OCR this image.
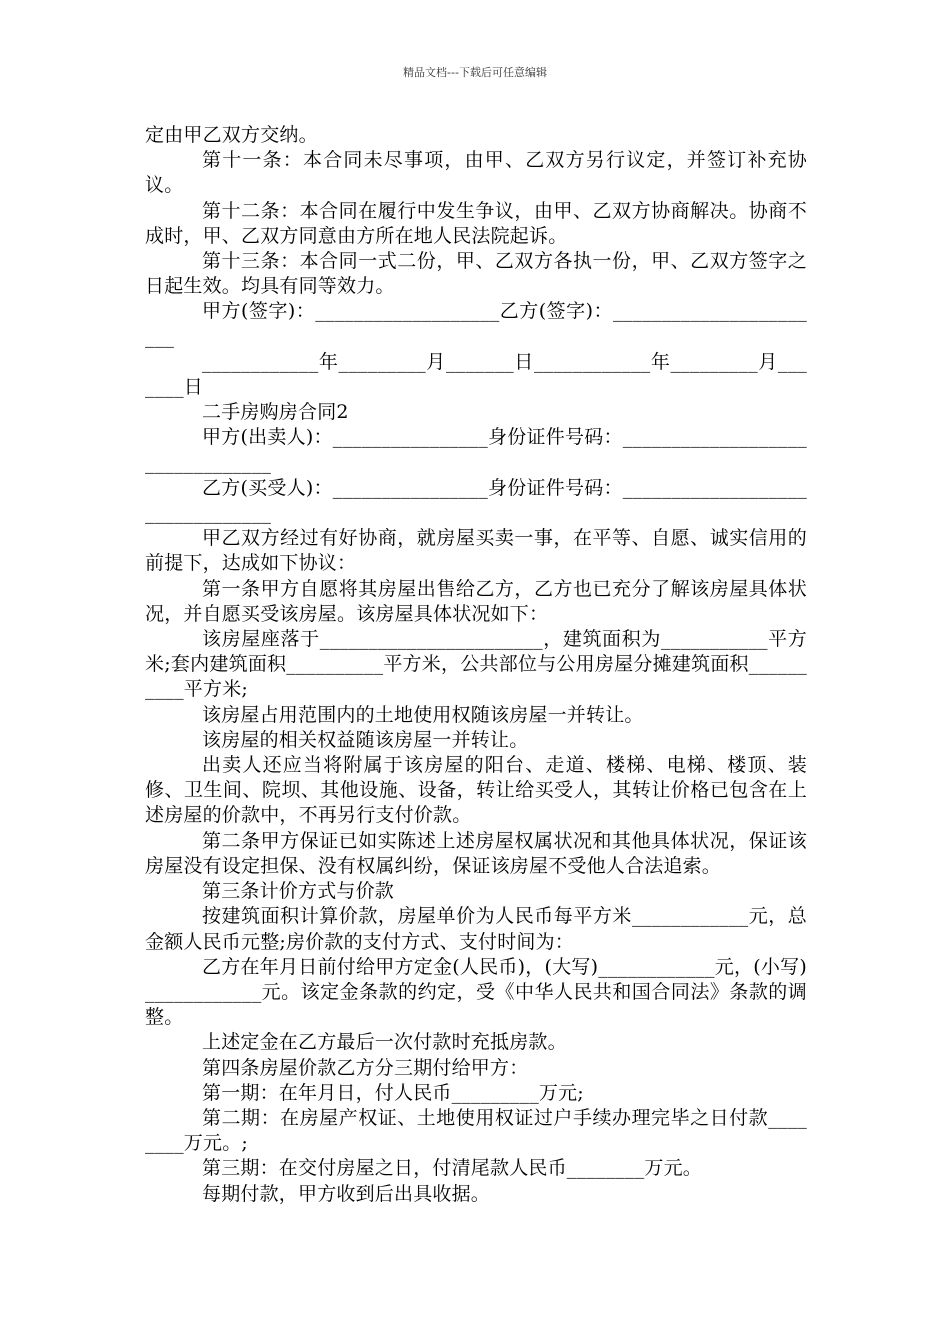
精品文档---下载后可任意编辑

定由甲乙双方交纳。

第十一条：本合同未尽事项，由甲、乙双方另行议定，并签订补充协议。

第十二条：本合同在履行中发生争议，由甲、乙双方协商解决。协商不成时，甲、乙双方同意由方所在地人民法院起诉。

第十三条：本合同一式二份，甲、乙双方各执一份，甲、乙双方签字之日起生效。均具有同等效力。

甲方(签字)：___________________乙方(签字)：_______________________

____________年_________月_______日____________年_________月_______日

二手房购房合同2

甲方(出卖人)：________________身份证件号码：________________________________

乙方(买受人)：________________身份证件号码：________________________________

甲乙双方经过有好协商，就房屋买卖一事，在平等、自愿、诚实信用的前提下，达成如下协议：

第一条甲方自愿将其房屋出售给乙方，乙方也已充分了解该房屋具体状况，并自愿买受该房屋。该房屋具体状况如下：

该房屋座落于_______________________，建筑面积为___________平方米;套内建筑面积__________平方米，公共部位与公用房屋分摊建筑面积__________平方米;

该房屋占用范围内的土地使用权随该房屋一并转让。

该房屋的相关权益随该房屋一并转让。

出卖人还应当将附属于该房屋的阳台、走道、楼梯、电梯、楼顶、装修、卫生间、院坝、其他设施、设备，转让给买受人，其转让价格已包含在上述房屋的价款中，不再另行支付价款。

第二条甲方保证已如实陈述上述房屋权属状况和其他具体状况，保证该房屋没有设定担保、没有权属纠纷，保证该房屋不受他人合法追索。

第三条计价方式与价款

按建筑面积计算价款，房屋单价为人民币每平方米____________元，总金额人民币元整;房价款的支付方式、支付时间为：

乙方在年月日前付给甲方定金(人民币)，(大写)____________元，(小写)____________元。该定金条款的约定，受《中华人民共和国合同法》条款的调整。

上述定金在乙方最后一次付款时充抵房款。

第四条房屋价款乙方分三期付给甲方：

第一期：在年月日，付人民币_________万元;

第二期：在房屋产权证、土地使用权证过户手续办理完毕之日付款________万元。;

第三期：在交付房屋之日，付清尾款人民币________万元。

每期付款，甲方收到后出具收据。
